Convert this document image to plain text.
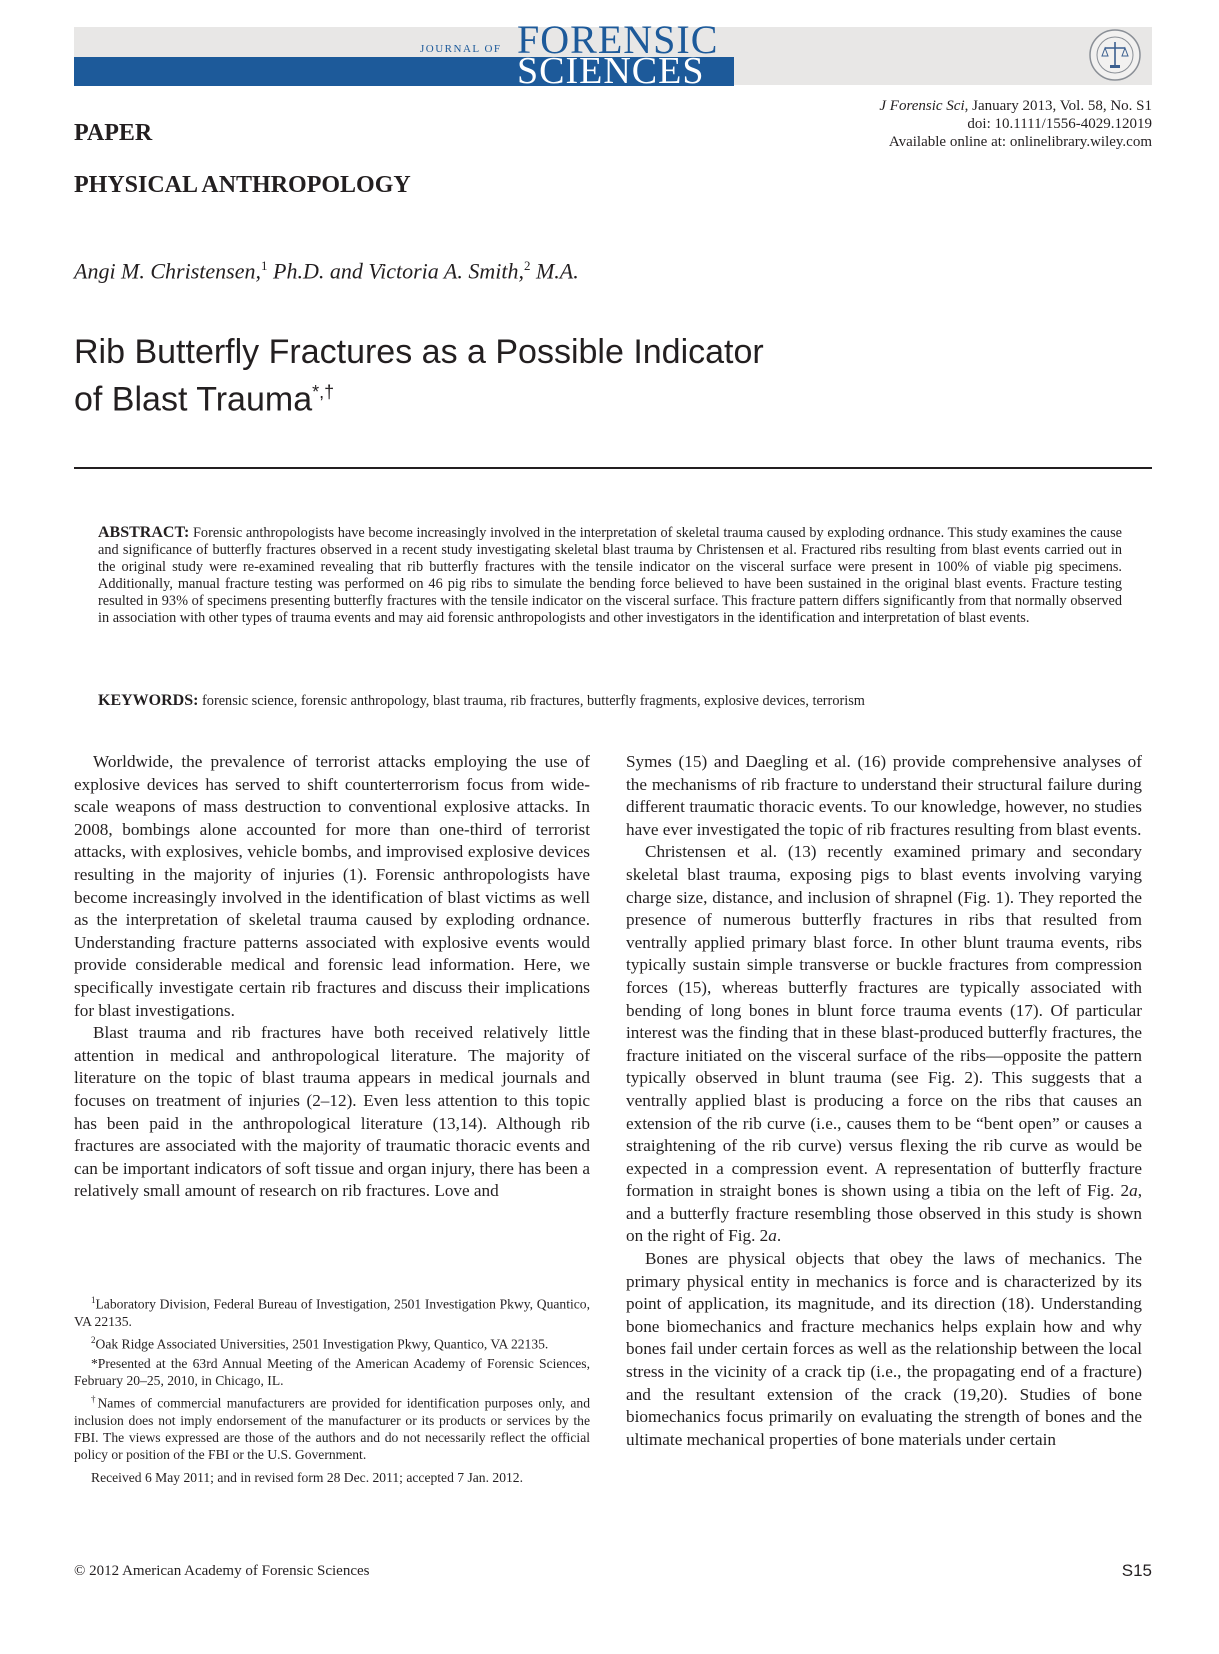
JOURNAL OF FORENSIC
SCIENCES
J Forensic Sci, January 2013, Vol. 58, No. S1
doi: 10.1111/1556-4029.12019
Available online at: onlinelibrary.wiley.com
PAPER
PHYSICAL ANTHROPOLOGY
Angi M. Christensen,$^1$ Ph.D. and Victoria A. Smith,$^2$ M.A.
Rib Butterfly Fractures as a Possible Indicator
of Blast Trauma*,†
ABSTRACT: Forensic anthropologists have become increasingly involved in the interpretation of skeletal trauma caused by exploding ordnance. This study examines the cause and significance of butterfly fractures observed in a recent study investigating skeletal blast trauma by Christensen et al. Fractured ribs resulting from blast events carried out in the original study were re-examined revealing that rib butterfly fractures with the tensile indicator on the visceral surface were present in 100% of viable pig specimens. Additionally, manual fracture testing was performed on 46 pig ribs to simulate the bending force believed to have been sustained in the original blast events. Fracture testing resulted in 93% of specimens presenting butterfly fractures with the tensile indicator on the visceral surface. This fracture pattern differs significantly from that normally observed in association with other types of trauma events and may aid forensic anthropologists and other investigators in the identification and interpretation of blast events.
KEYWORDS: forensic science, forensic anthropology, blast trauma, rib fractures, butterfly fragments, explosive devices, terrorism

Worldwide, the prevalence of terrorist attacks employing the use of explosive devices has served to shift counterterrorism focus from wide-scale weapons of mass destruction to conventional explosive attacks. In 2008, bombings alone accounted for more than one-third of terrorist attacks, with explosives, vehicle bombs, and improvised explosive devices resulting in the majority of injuries (1). Forensic anthropologists have become increasingly involved in the identification of blast victims as well as the interpretation of skeletal trauma caused by exploding ordnance. Understanding fracture patterns associated with explosive events would provide considerable medical and forensic lead information. Here, we specifically investigate certain rib fractures and discuss their implications for blast investigations.

Blast trauma and rib fractures have both received relatively little attention in medical and anthropological literature. The majority of literature on the topic of blast trauma appears in medical journals and focuses on treatment of injuries (2–12). Even less attention to this topic has been paid in the anthropological literature (13,14). Although rib fractures are associated with the majority of traumatic thoracic events and can be important indicators of soft tissue and organ injury, there has been a relatively small amount of research on rib fractures. Love and

Symes (15) and Daegling et al. (16) provide comprehensive analyses of the mechanisms of rib fracture to understand their structural failure during different traumatic thoracic events. To our knowledge, however, no studies have ever investigated the topic of rib fractures resulting from blast events.

Christensen et al. (13) recently examined primary and secondary skeletal blast trauma, exposing pigs to blast events involving varying charge size, distance, and inclusion of shrapnel (Fig. 1). They reported the presence of numerous butterfly fractures in ribs that resulted from ventrally applied primary blast force. In other blunt trauma events, ribs typically sustain simple transverse or buckle fractures from compression forces (15), whereas butterfly fractures are typically associated with bending of long bones in blunt force trauma events (17). Of particular interest was the finding that in these blast-produced butterfly fractures, the fracture initiated on the visceral surface of the ribs—opposite the pattern typically observed in blunt trauma (see Fig. 2). This suggests that a ventrally applied blast is producing a force on the ribs that causes an extension of the rib curve (i.e., causes them to be “bent open” or causes a straightening of the rib curve) versus flexing the rib curve as would be expected in a compression event. A representation of butterfly fracture formation in straight bones is shown using a tibia on the left of Fig. 2a, and a butterfly fracture resembling those observed in this study is shown on the right of Fig. 2a.

Bones are physical objects that obey the laws of mechanics. The primary physical entity in mechanics is force and is characterized by its point of application, its magnitude, and its direction (18). Understanding bone biomechanics and fracture mechanics helps explain how and why bones fail under certain forces as well as the relationship between the local stress in the vicinity of a crack tip (i.e., the propagating end of a fracture) and the resultant extension of the crack (19,20). Studies of bone biomechanics focus primarily on evaluating the strength of bones and the ultimate mechanical properties of bone materials under certain

$^1$Laboratory Division, Federal Bureau of Investigation, 2501 Investigation Pkwy, Quantico, VA 22135.

$^2$Oak Ridge Associated Universities, 2501 Investigation Pkwy, Quantico, VA 22135.

*Presented at the 63rd Annual Meeting of the American Academy of Forensic Sciences, February 20–25, 2010, in Chicago, IL.

†Names of commercial manufacturers are provided for identification purposes only, and inclusion does not imply endorsement of the manufacturer or its products or services by the FBI. The views expressed are those of the authors and do not necessarily reflect the official policy or position of the FBI or the U.S. Government.

Received 6 May 2011; and in revised form 28 Dec. 2011; accepted 7 Jan. 2012.

© 2012 American Academy of Forensic Sciences	S15
